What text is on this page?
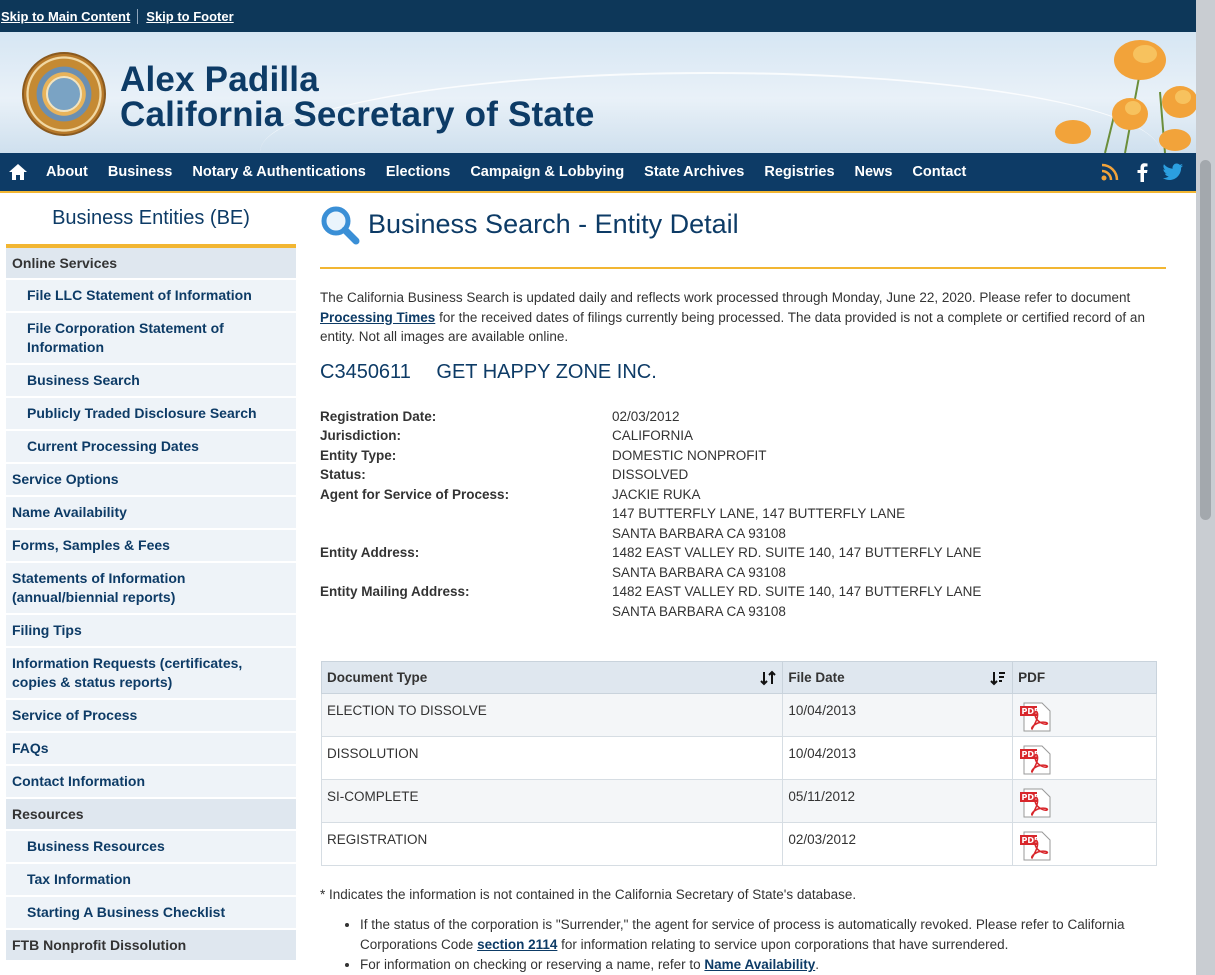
Skip to Main Content	Skip to Footer
Alex Padilla
California Secretary of State
About	Business	Notary & Authentications	Elections	Campaign & Lobbying	State Archives	Registries	News	Contact
Business Entities (BE)
Online Services
File LLC Statement of Information
File Corporation Statement of Information
Business Search
Publicly Traded Disclosure Search
Current Processing Dates
Service Options
Name Availability
Forms, Samples & Fees
Statements of Information (annual/biennial reports)
Filing Tips
Information Requests (certificates, copies & status reports)
Service of Process
FAQs
Contact Information
Resources
Business Resources
Tax Information
Starting A Business Checklist
FTB Nonprofit Dissolution
Business Search - Entity Detail

The California Business Search is updated daily and reflects work processed through Monday, June 22, 2020. Please refer to document Processing Times for the received dates of filings currently being processed. The data provided is not a complete or certified record of an entity. Not all images are available online.

C3450611 GET HAPPY ZONE INC.
Registration Date:	02/03/2012
Jurisdiction:	CALIFORNIA
Entity Type:	DOMESTIC NONPROFIT
Status:	DISSOLVED
Agent for Service of Process:	JACKIE RUKA
147 BUTTERFLY LANE, 147 BUTTERFLY LANE
SANTA BARBARA CA 93108
Entity Address:	1482 EAST VALLEY RD. SUITE 140, 147 BUTTERFLY LANE
SANTA BARBARA CA 93108
Entity Mailing Address:	1482 EAST VALLEY RD. SUITE 140, 147 BUTTERFLY LANE
SANTA BARBARA CA 93108
Document Type	File Date	PDF
ELECTION TO DISSOLVE	10/04/2013	PDF

DISSOLUTION	10/04/2013	PDF

SI-COMPLETE	05/11/2012	PDF

REGISTRATION	02/03/2012	PDF

* Indicates the information is not contained in the California Secretary of State's database.

• If the status of the corporation is "Surrender," the agent for service of process is automatically revoked. Please refer to California Corporations Code section 2114 for information relating to service upon corporations that have surrendered.
• For information on checking or reserving a name, refer to Name Availability.
